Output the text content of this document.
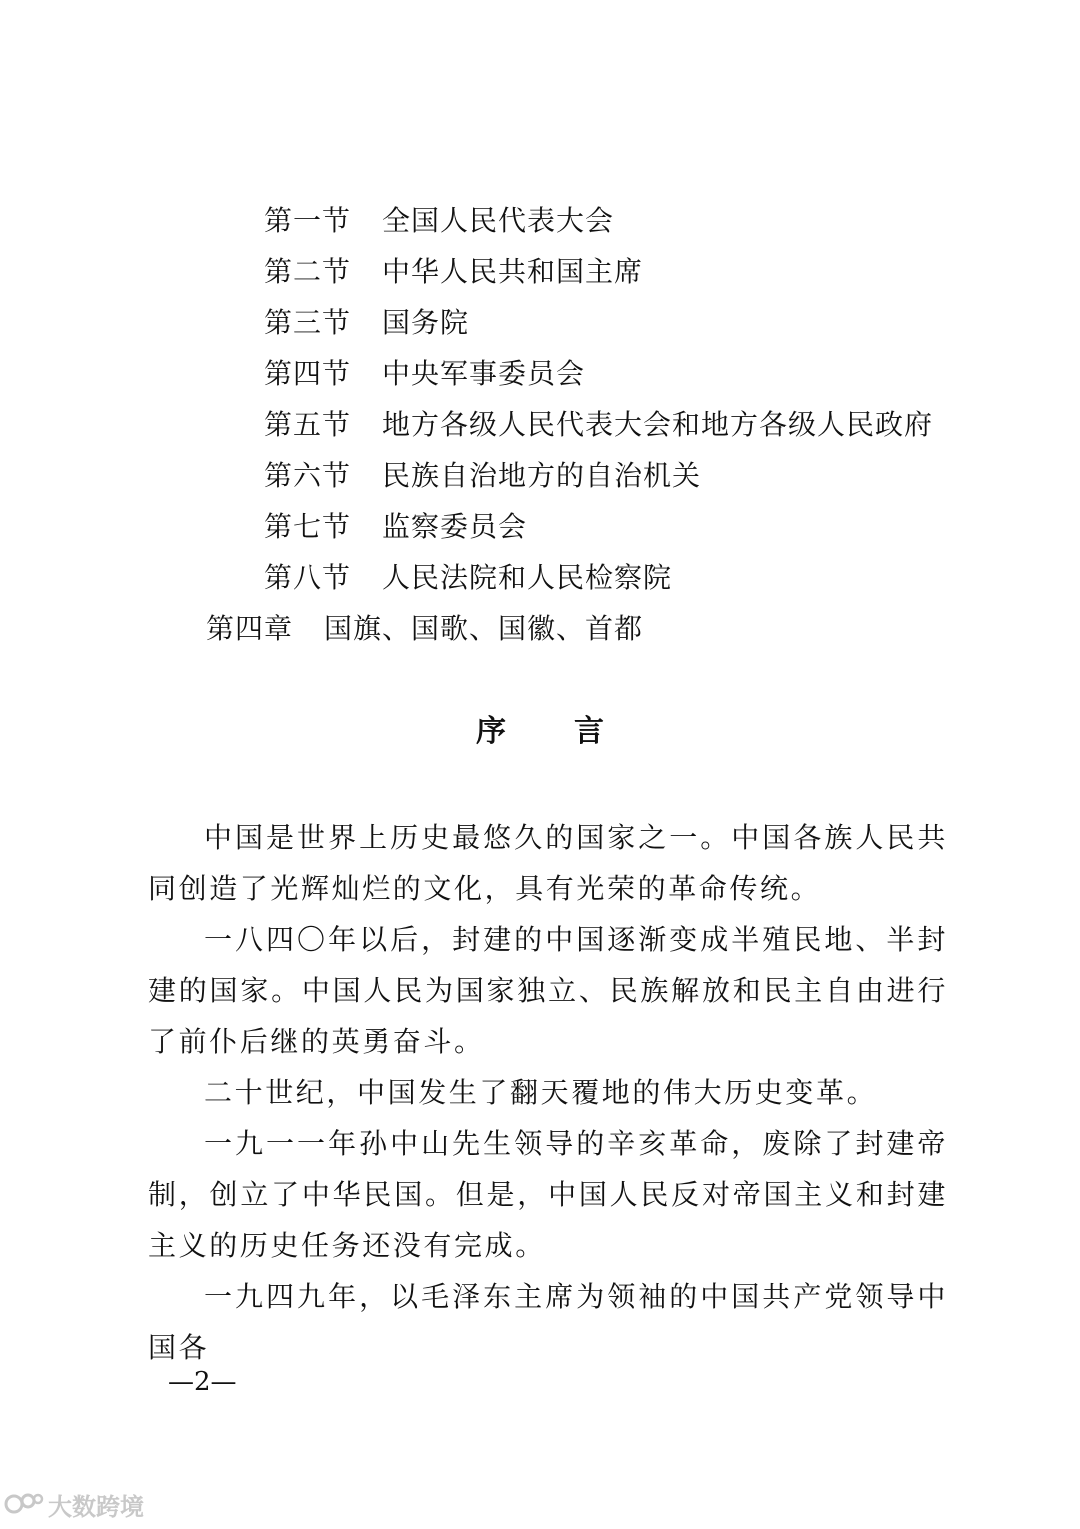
第一节 全国人民代表大会
第二节 中华人民共和国主席
第三节 国务院
第四节 中央军事委员会
第五节 地方各级人民代表大会和地方各级人民政府
第六节 民族自治地方的自治机关
第七节 监察委员会
第八节 人民法院和人民检察院
第四章 国旗、国歌、国徽、首都
序 言

中国是世界上历史最悠久的国家之一。中国各族人民共同创造了光辉灿烂的文化，具有光荣的革命传统。

一八四〇年以后，封建的中国逐渐变成半殖民地、半封建的国家。中国人民为国家独立、民族解放和民主自由进行了前仆后继的英勇奋斗。

二十世纪，中国发生了翻天覆地的伟大历史变革。

一九一一年孙中山先生领导的辛亥革命，废除了封建帝制，创立了中华民国。但是，中国人民反对帝国主义和封建主义的历史任务还没有完成。

一九四九年，以毛泽东主席为领袖的中国共产党领导中国各

—2—
大数跨境
